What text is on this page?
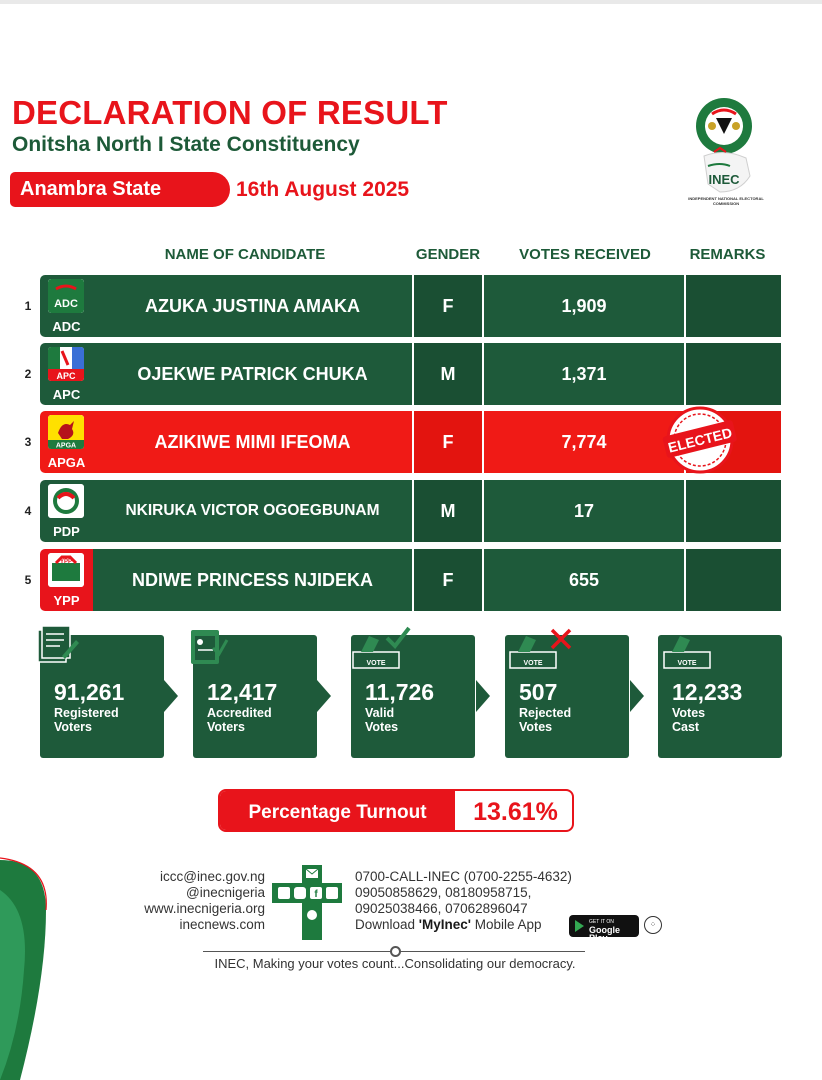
DECLARATION OF RESULT
Onitsha North I State Constituency
Anambra State	16th August 2025	INEC
INDEPENDENT NATIONAL ELECTORAL COMMISSION
NAME OF CANDIDATE	GENDER	VOTES RECEIVED	REMARKS
1 ADC
ADC
AZUKA JUSTINA AMAKA	F	1,909
2	APC
APC
OJEKWE PATRICK CHUKA	M	1,371
3	APGA
APGA
AZIKIWE MIMI IFEOMA	F	7,774	ELECTED
4
PDP
NKIRUKA VICTOR OGOEGBUNAM	M	17
5
YPP
YPP
NDIWE PRINCESS NJIDEKA	F	655
91,261
Registered
Voters
12,417
Accredited
Voters
11,726
Valid
Votes
VOTE
507
Rejected
Votes
VOTE
12,233
Votes
Cast
VOTE
Percentage Turnout	13.61%
iccc@inec.gov.ng
@inecnigeria
www.inecnigeria.org
inecnews.com
f
0700-CALL-INEC (0700-2255-4632)
09050858629, 08180958715,
09025038466, 07062896047
Download 'MyInec' Mobile App	GET IT ON
Google Play
⁘
INEC, Making your votes count...Consolidating our democracy.
